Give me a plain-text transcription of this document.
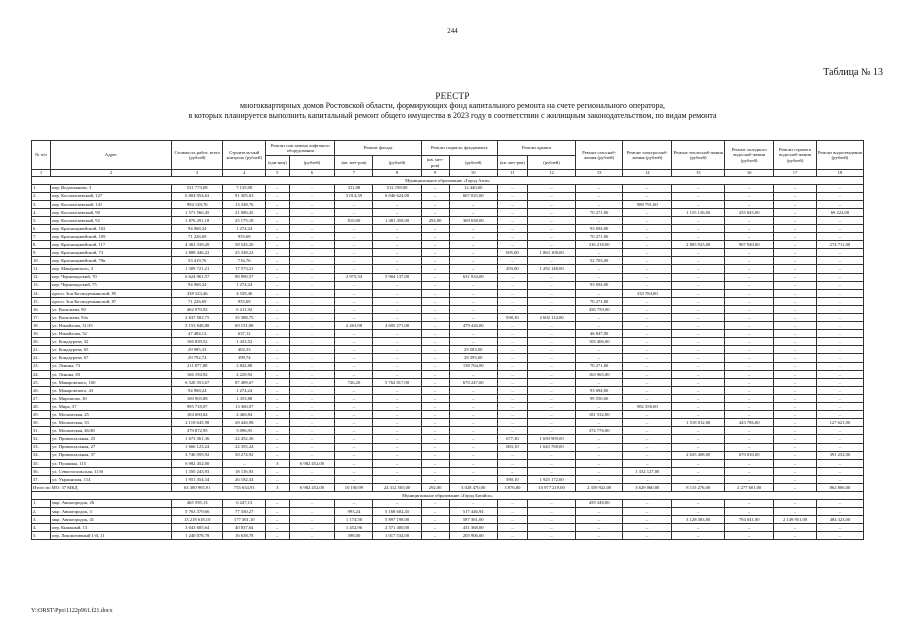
244
Таблица № 13
РЕЕСТР
многоквартирных домов Ростовской области, формирующих фонд капитального ремонта на счете регионального оператора,
в которых планируется выполнить капитальный ремонт общего имущества в 2023 году в соответствии с жилищным законодательством, по видам ремонта
№ п/п	Адрес	Стоимость работ, всего (рублей)	Строитель-ный контроль (рублей)	Ремонт или замена лифтового оборудования		Ремонт фасада		Ремонт подвала, фундамента		Ремонт крыши		Ремонт газоснаб-жения (рублей)	Ремонт электроснаб-жения (рублей)	Ремонт теплоснаб-жения (рублей)	Ремонт холодного водоснаб-жения (рублей)	Ремонт горячего водоснаб-жения (рублей)	Ремонт водоотведения (рублей)
				(еди-ниц)	(рублей)	(кв. мет-ров)	(рублей)	(кв. мет-ров)	(рублей)	(кв. мет-ров)	(рублей)						
1	2	3	4	5	6	7	8	9	10	11	12	13	14	15	16	17	18
Муниципальное образование «Город Азов»																	
1.	пер. Водопьянова, 3	531 773,08	7 135,08	–	–	311,08	512 198,00	–	12 440,00	–	–	–	–	–	–	–	–
2.	пер. Коллонтаевский, 127	6 804 954,63	91 305,63	–	–	3 014,39	6 046 624,00	–	667 025,00	–	–	–	–	–	–	–	–
3.	пер. Коллонтаевский, 141	994 129,76	13 338,76	–	–	–	–	–	–	–	–	–	980 791,00	–	–	–	–
4.	пер. Коллонтаевский, 90	1 571 560,45	21 086,45	–	–	–	–	–	–	–	–	70 271,00	–	1 155 136,00	255 845,00	–	69 222,00
5.	пер. Коллонтаевский, 92	1 876 291,18	25 175,18	–	–	810,00	1 481 458,00	292,00	369 658,00	–	–	–	–	–	–	–	–
6.	пер. Красноармейский, 102	94 968,24	1 274,24	–	–	–	–	–	–	–	–	93 694,00	–	–	–	–	–
7.	пер. Красноармейский, 109	71 226,69	955,69	–	–	–	–	–	–	–	–	70 271,00	–	–	–	–	–
8.	пер. Красноармейский, 117	4 363 339,20	58 545,20	–	–	–	–	–	–	–	–	316 218,00	–	2 805 925,00	907 940,00	–	274 711,00
9.	пер. Красноармейский, 73	1 888 446,22	25 338,22	–	–	–	–	–	–	695,00	1 863 108,00	–	–	–	–	–	–
10.	пер. Красноармейский, 79в	53 419,76	716,76	–	–	–	–	–	–	–	–	52 703,00	–	–	–	–	–
11.	пер. Макаровского, 3	1 309 721,21	17 573,21	–	–	–	–	–	–	293,00	1 292 148,00	–	–	–	–	–	–
12.	пер. Черноморский, 70	6 624 961,57	88 890,57	–	–	2 975,34	5 904 137,00	–	631 934,00	–	–	–	–	–	–	–	–
13.	пер. Черноморский, 75	94 968,24	1 274,24	–	–	–	–	–	–	–	–	93 694,00	–	–	–	–	–
14.	просп. Зои Космодемьянской, 85	338 323,46	4 539,46	–	–	–	–	–	–	–	–	–	333 784,00	–	–	–	–
15.	просп. Зои Космодемьянской, 87	71 226,69	955,69	–	–	–	–	–	–	–	–	70 271,00	–	–	–	–	–
16.	ул. Васильева, 90	462 970,92	6 211,92	–	–	–	–	–	–	–	–	456 759,00	–	–	–	–	–
17.	ул. Васильева, 92а	2 637 502,75	35 388,75	–	–	–	–	–	–	938,30	2 602 114,00	–	–	–	–	–	–
18.	ул. Измайлова, 31/35	5 153 848,88	69 151,88	–	–	2 263,98	4 605 271,00	–	479 426,00	–	–	–	–	–	–	–	–
19.	ул. Измайлова, 52	47 484,12	637,12	–	–	–	–	–	–	–	–	46 847,00	–	–	–	–	–
20.	ул. Кондаурова, 32	106 839,52	1 433,52	–	–	–	–	–	–	–	–	105 406,00	–	–	–	–	–
21.	ул. Кондаурова, 65	29 985,33	402,33	–	–	–	–	–	29 583,00	–	–	–	–	–	–	–	–
22.	ул. Кондаурова, 67	29 792,74	399,74	–	–	–	–	–	29 393,00	–	–	–	–	–	–	–	–
23.	ул. Ленина, 73	211 877,88	2 842,88	–	–	–	–	–	138 764,00	–	–	70 271,00	–	–	–	–	–
24.	ул. Ленина, 83	166 194,92	2 229,92	–	–	–	–	–	–	–	–	163 965,00	–	–	–	–	–
25.	ул. Макаровского, 100	6 520 553,67	87 489,67	–	–	726,20	5 762 817,00	–	670 247,00	–	–	–	–	–	–	–	–
26.	ул. Макаровского, 43	94 968,24	1 274,24	–	–	–	–	–	–	–	–	93 694,00	–	–	–	–	–
27.	ул. Мирошова, 30	100 903,88	1 353,88	–	–	–	–	–	–	–	–	99 550,00	–	–	–	–	–
28.	ул. Мира, 37	995 718,07	13 360,07	–	–	–	–	–	–	–	–	–	982 358,00	–	–	–	–
29.	ул. Московская, 25	184 000,84	2 468,84	–	–	–	–	–	–	–	–	181 532,00	–	–	–	–	–
30.	ул. Московская, 33	2 118 645,98	28 426,98	–	–	–	–	–	–	–	–	–	–	1 518 812,00	443 786,00	–	127 621,00
31.	ул. Московская, 46/48	379 872,95	5 096,95	–	–	–	–	–	–	–	–	374 776,00	–	–	–	–	–
32.	ул. Привокзальная, 25	1 673 361,36	22 452,36	–	–	–	–	–	–	677,30	1 650 909,00	–	–	–	–	–	–
33.	ул. Привокзальная, 27	1 666 123,24	22 355,24	–	–	–	–	–	–	683,10	1 643 768,00	–	–	–	–	–	–
34.	ул. Привокзальная, 37	3 746 959,92	50 274,92	–	–	–	–	–	–	–	–	–	–	2 635 408,00	670 030,00	–	391 252,00
35.	ул. Пушкина, 115	6 982 452,00	–	3	6 982 452,00	–	–	–	–	–	–	–	–	–	–	–	–
36.	ул. Севастопольская, 113б	1 350 243,93	18 116,93	–	–	–	–	–	–	–	–	–	1 332 127,00	–	–	–	–
37.	ул. Украинская, 114	1 951 354,34	26 182,34	–	–	–	–	–	–	590,10	1 925 172,00	–	–	–	–	–	–
Итого по МО: 37 МКД		63 300 965,91	755 654,91	3	6 982 452,00	10 100,99	24 312 505,00	292,00	3 028 470,00	3 876,80	10 977 219,00	2 359 922,00	3 629 060,00	8 115 276,00	2 277 601,00	–	862 806,00
Муниципальное образование «Город Батайск»																	
1.	мкр. Авиагородок, 26	465 595,13	6 247,13	–	–	–	–	–	–	–	–	459 348,00	–	–	–	–	–
2.	мкр. Авиагородок, 3	5 763 379,66	77 330,27	–	–	993,24	5 168 602,45	–	517 446,94	–	–	–	–	–	–	–	–
3.	мкр. Авиагородок, 41	13 218 618,10	177 361,10	–	–	1 174,50	5 897 198,00	–	587 361,00	–	–	–	–	3 128 383,00	794 041,00	2 149 951,00	484 323,00
4.	пер. Книжный, 13	3 043 605,64	40 837,64	–	–	1 452,96	2 571 400,00	–	431 368,00	–	–	–	–	–	–	–	–
5.	пер. Локомотивный 1-й, 11	1 240 078,78	16 638,78	–	–	398,00	1 017 534,00	–	205 906,00	–	–	–	–	–	–	–	–
Y:\ORST\Ppo\1122p961.f21.docx
